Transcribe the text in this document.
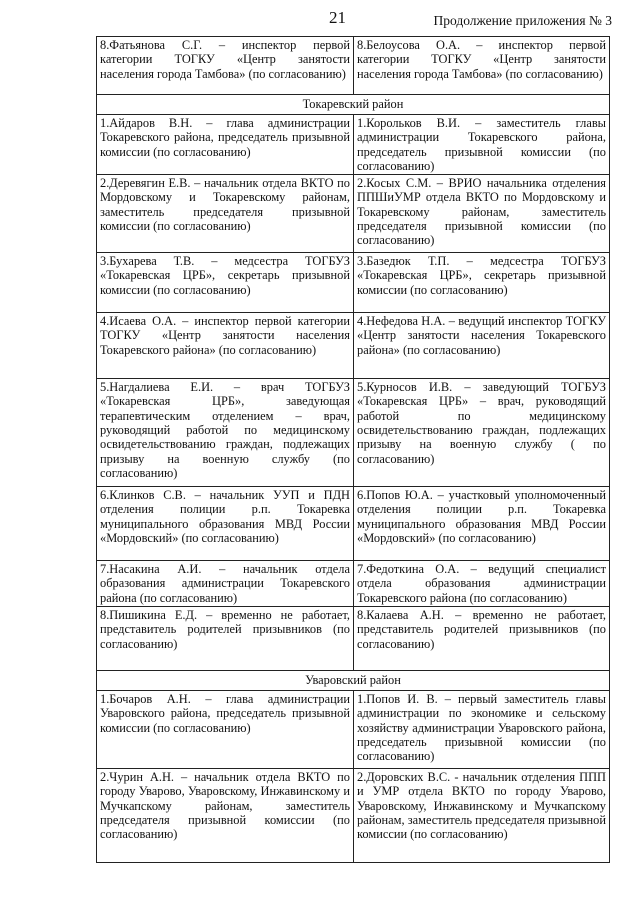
21	Продолжение приложения № 3
8.Фатьянова С.Г. – инспектор первой категории ТОГКУ «Центр занятости населения города Тамбова» (по согласованию)	8.Белоусова О.А. – инспектор первой категории ТОГКУ «Центр занятости населения города Тамбова» (по согласованию)
Токаревский район	
1.Айдаров В.Н. – глава администрации Токаревского района, председатель призывной комиссии (по согласованию)	1.Корольков В.И. – заместитель главы администрации Токаревского района, председатель призывной комиссии (по согласованию)
2.Деревягин Е.В. – начальник отдела ВКТО по Мордовскому и Токаревскому районам, заместитель председателя призывной комиссии (по согласованию)	2.Косых С.М. – ВРИО начальника отделения ППШиУМР отдела ВКТО по Мордовскому и Токаревскому районам, заместитель председателя призывной комиссии (по согласованию)
3.Бухарева Т.В. – медсестра ТОГБУЗ «Токаревская ЦРБ», секретарь призывной комиссии (по согласованию)	3.Базедюк Т.П. – медсестра ТОГБУЗ «Токаревская ЦРБ», секретарь призывной комиссии (по согласованию)
4.Исаева О.А. – инспектор первой категории ТОГКУ «Центр занятости населения Токаревского района» (по согласованию)	4.Нефедова Н.А. – ведущий инспектор ТОГКУ «Центр занятости населения Токаревского района» (по согласованию)
5.Нагдалиева Е.И. – врач ТОГБУЗ «Токаревская ЦРБ», заведующая терапевтическим отделением – врач, руководящий работой по медицинскому освидетельствованию граждан, подлежащих призыву на военную службу (по согласованию)	5.Курносов И.В. – заведующий ТОГБУЗ «Токаревская ЦРБ» – врач, руководящий работой по медицинскому освидетельствованию граждан, подлежащих призыву на военную службу ( по согласованию)
6.Клинков С.В. – начальник УУП и ПДН отделения полиции р.п. Токаревка муниципального образования МВД России «Мордовский» (по согласованию)	6.Попов Ю.А. – участковый уполномоченный отделения полиции р.п. Токаревка муниципального образования МВД России «Мордовский» (по согласованию)
7.Насакина А.И. – начальник отдела образования администрации Токаревского района (по согласованию)	7.Федоткина О.А. – ведущий специалист отдела образования администрации Токаревского района (по согласованию)
8.Пишикина Е.Д. – временно не работает, представитель родителей призывников (по согласованию)	8.Калаева А.Н. – временно не работает, представитель родителей призывников (по согласованию)
Уваровский район	
1.Бочаров А.Н. – глава администрации Уваровского района, председатель призывной комиссии (по согласованию)	1.Попов И. В. – первый заместитель главы администрации по экономике и сельскому хозяйству администрации Уваровского района, председатель призывной комиссии (по согласованию)
2.Чурин А.Н. – начальник отдела ВКТО по городу Уварово, Уваровскому, Инжавинскому и Мучкапскому районам, заместитель председателя призывной комиссии (по согласованию)	2.Доровских В.С. - начальник отделения ППП и УМР отдела ВКТО по городу Уварово, Уваровскому, Инжавинскому и Мучкапскому районам, заместитель председателя призывной комиссии (по согласованию)
